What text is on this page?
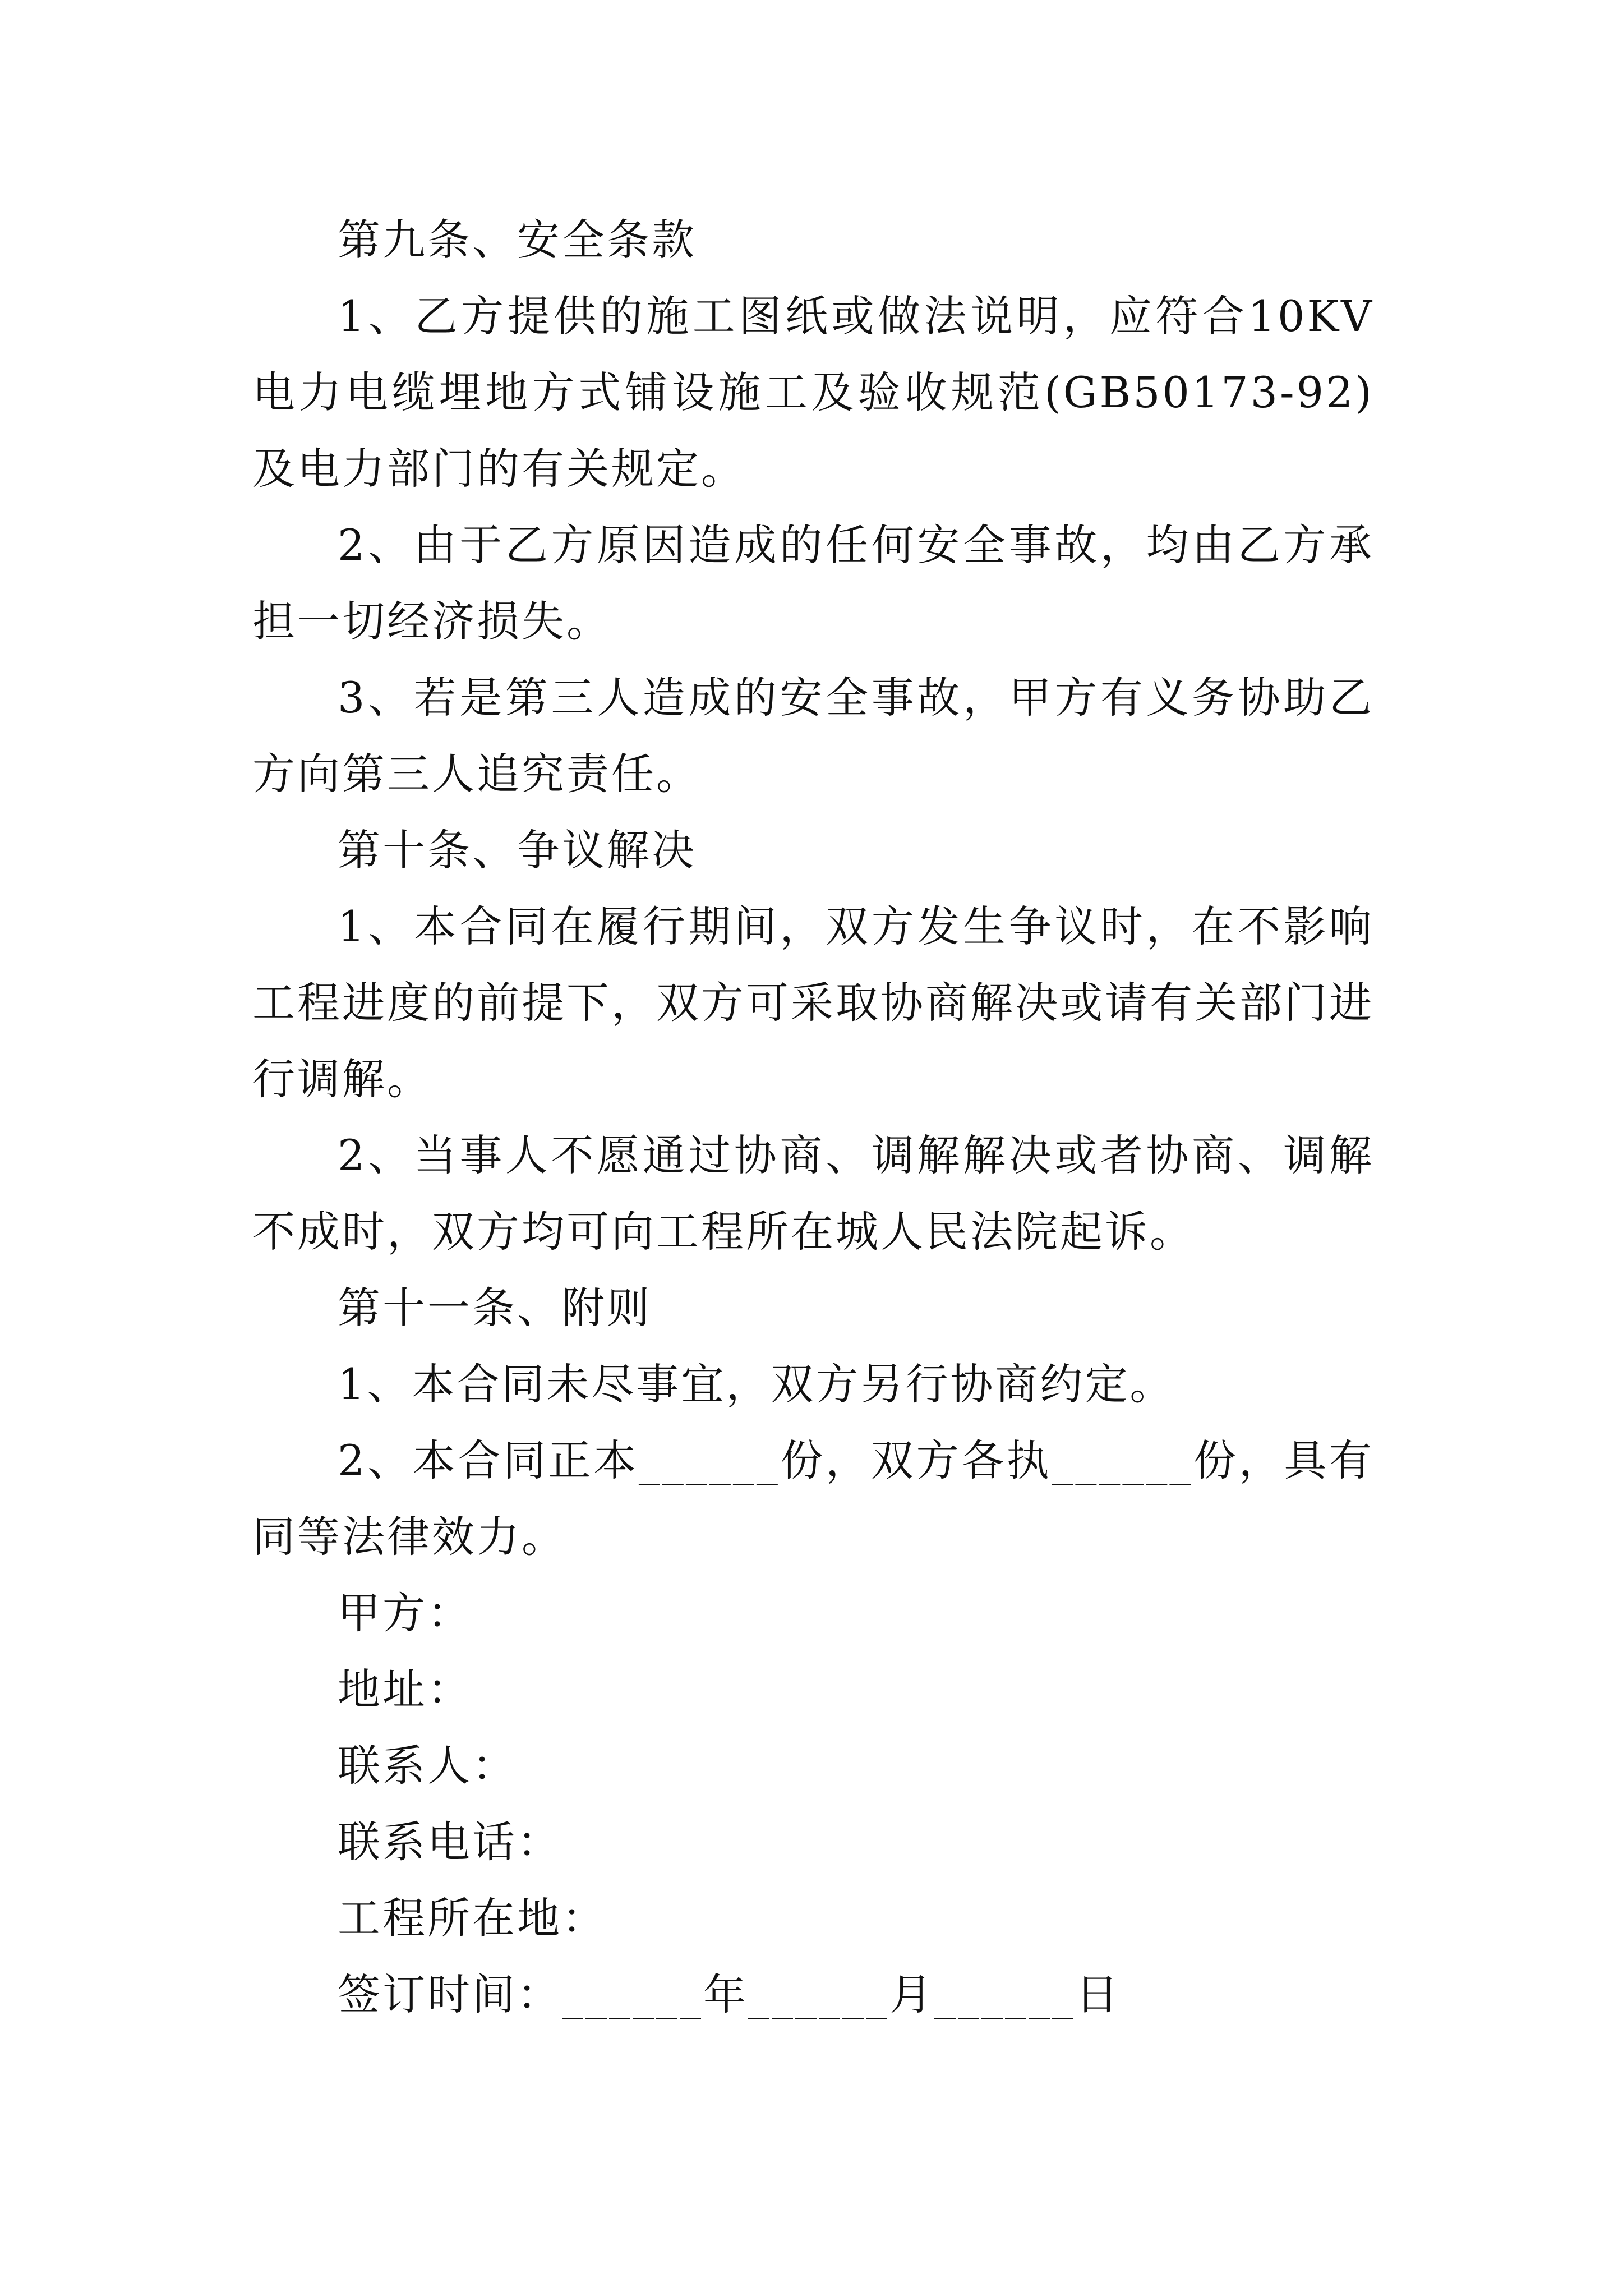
第九条、安全条款

1、乙方提供的施工图纸或做法说明，应符合10KV电力电缆埋地方式铺设施工及验收规范(GB50173-92)及电力部门的有关规定。

2、由于乙方原因造成的任何安全事故，均由乙方承担一切经济损失。

3、若是第三人造成的安全事故，甲方有义务协助乙方向第三人追究责任。

第十条、争议解决

1、本合同在履行期间，双方发生争议时，在不影响工程进度的前提下，双方可采取协商解决或请有关部门进行调解。

2、当事人不愿通过协商、调解解决或者协商、调解不成时，双方均可向工程所在城人民法院起诉。

第十一条、附则

1、本合同未尽事宜，双方另行协商约定。

2、本合同正本______份，双方各执______份，具有同等法律效力。

甲方：

地址：

联系人：

联系电话：

工程所在地：

签订时间：______年______月______日
